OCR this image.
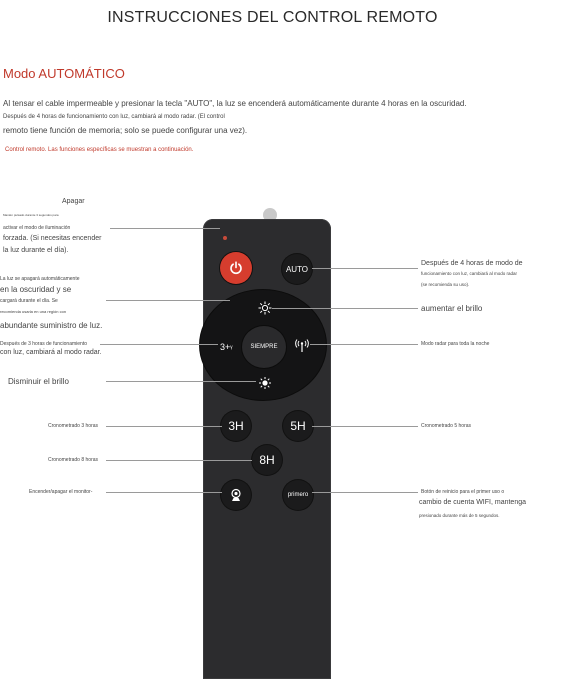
INSTRUCCIONES DEL CONTROL REMOTO
Modo AUTOMÁTICO
Al tensar el cable impermeable y presionar la tecla "AUTO", la luz se encenderá automáticamente durante 4 horas en la oscuridad.
Después de 4 horas de funcionamiento con luz, cambiará al modo radar. (El control
remoto tiene función de memoria; solo se puede configurar una vez).
Control remoto. Las funciones específicas se muestran a continuación.
AUTO
3+ᵞ	SIEMPRE
3H	5H
8H
primero
Apagar
Mantén pulsado durante 3 segundos para
activar el modo de iluminación
forzada. (Si necesitas encender
la luz durante el día).
La luz se apagará automáticamente
en la oscuridad y se
cargará durante el día. Se
recomienda usarla en una región con
abundante suministro de luz.
Después de 3 horas de funcionamiento
con luz, cambiará al modo radar.
Disminuir el brillo
Cronometrado 3 horas
Cronometrado 8 horas
Encender/apagar el monitor-
Después de 4 horas de modo de
funcionamiento con luz, cambiará al modo radar
(se recomienda su uso).
aumentar el brillo
Modo radar para toda la noche
Cronometrado 5 horas
Botón de reinicio para el primer uso o
cambio de cuenta WIFI, mantenga
presionado durante más de 5 segundos.
